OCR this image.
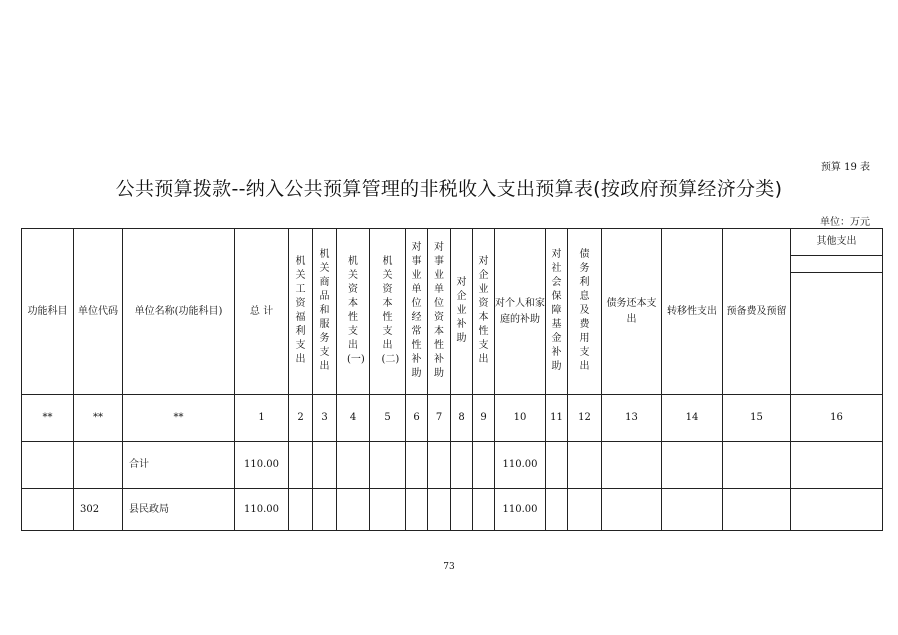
预算 19 表
公共预算拨款--纳入公共预算管理的非税收入支出预算表(按政府预算经济分类)
单位：万元
功能科目	单位代码	单位名称(功能科目)	总 计	机关工资福利支出	机关商品和服务支出	机关资本性支出(一)	机关资本性支出(二)	对事业单位经常性补助	对事业单位资本性补助	对企业补助	对企业资本性支出	对个人和家庭的补助	对社会保障基金补助	债务利息及费用支出	债务还本支出	转移性支出	预备费及预留	其他支出

**	**	**	1	2	3	4	5	6	7	8	9	10	11	12	13	14	15	16
		合计	110.00									110.00						
	302	县民政局	110.00									110.00						
73
